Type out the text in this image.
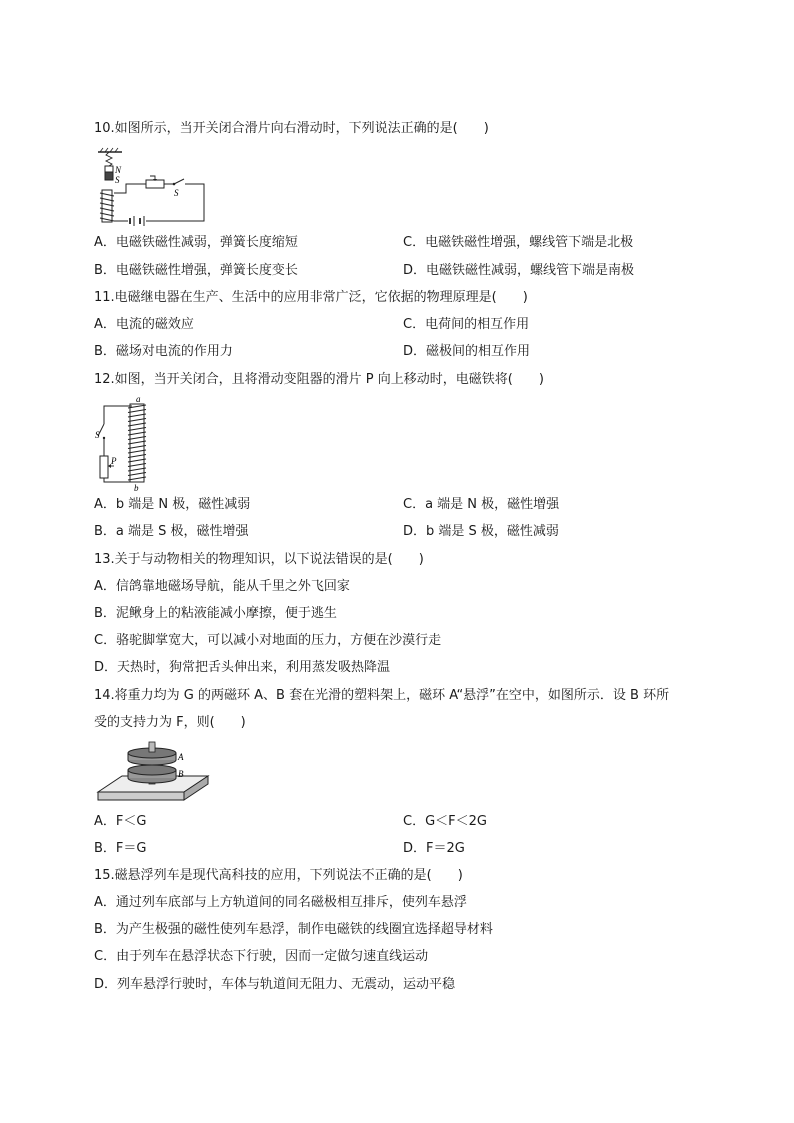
10.如图所示，当开关闭合滑片向右滑动时，下列说法正确的是(　　)
N
S
S
A．电磁铁磁性减弱，弹簧长度缩短	C．电磁铁磁性增强，螺线管下端是北极
B．电磁铁磁性增强，弹簧长度变长	D．电磁铁磁性减弱，螺线管下端是南极
11.电磁继电器在生产、生活中的应用非常广泛，它依据的物理原理是(　　)
A．电流的磁效应	C．电荷间的相互作用
B．磁场对电流的作用力	D．磁极间的相互作用
12.如图，当开关闭合，且将滑动变阻器的滑片 P 向上移动时，电磁铁将(　　)
a
b
S
P
A．b 端是 N 极，磁性减弱	C．a 端是 N 极，磁性增强
B．a 端是 S 极，磁性增强	D．b 端是 S 极，磁性减弱
13.关于与动物相关的物理知识，以下说法错误的是(　　)
A．信鸽靠地磁场导航，能从千里之外飞回家
B．泥鳅身上的粘液能减小摩擦，便于逃生
C．骆驼脚掌宽大，可以减小对地面的压力，方便在沙漠行走
D．天热时，狗常把舌头伸出来，利用蒸发吸热降温
14.将重力均为 G 的两磁环 A、B 套在光滑的塑料架上，磁环 A“悬浮”在空中，如图所示．设 B 环所
受的支持力为 F，则(　　)
A
B
A．F＜G	C．G＜F＜2G
B．F＝G	D．F＝2G
15.磁悬浮列车是现代高科技的应用，下列说法不正确的是(　　)
A．通过列车底部与上方轨道间的同名磁极相互排斥，使列车悬浮
B．为产生极强的磁性使列车悬浮，制作电磁铁的线圈宜选择超导材料
C．由于列车在悬浮状态下行驶，因而一定做匀速直线运动
D．列车悬浮行驶时，车体与轨道间无阻力、无震动，运动平稳
